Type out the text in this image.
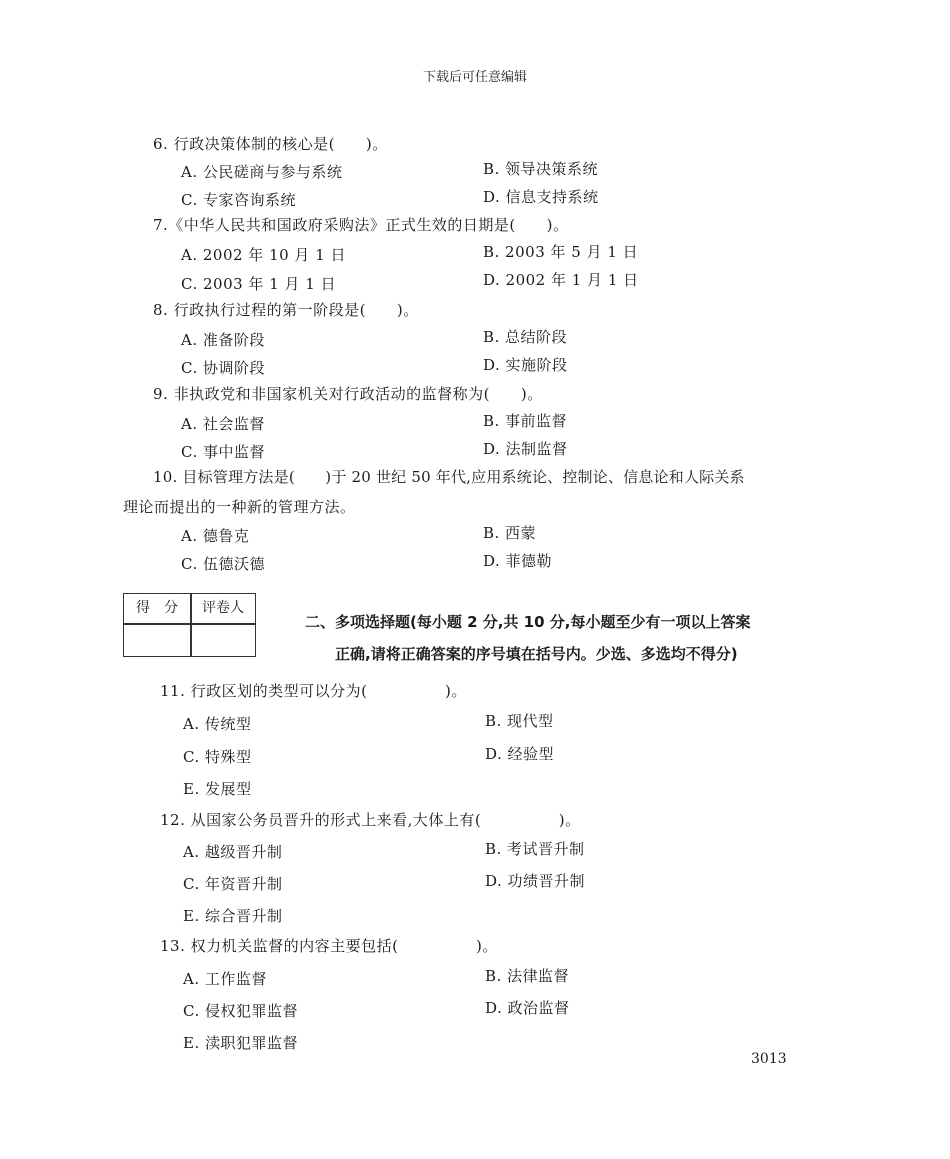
下载后可任意编辑
6. 行政决策体制的核心是(　　)。
A. 公民磋商与参与系统	B. 领导决策系统
C. 专家咨询系统	D. 信息支持系统
7.《中华人民共和国政府采购法》正式生效的日期是(　　)。
A. 2002 年 10 月 1 日	B. 2003 年 5 月 1 日
C. 2003 年 1 月 1 日	D. 2002 年 1 月 1 日
8. 行政执行过程的第一阶段是(　　)。
A. 准备阶段	B. 总结阶段
C. 协调阶段	D. 实施阶段
9. 非执政党和非国家机关对行政活动的监督称为(　　)。
A. 社会监督	B. 事前监督
C. 事中监督	D. 法制监督
10. 目标管理方法是(　　)于 20 世纪 50 年代,应用系统论、控制论、信息论和人际关系
理论而提出的一种新的管理方法。
A. 德鲁克	B. 西蒙
C. 伍德沃德	D. 菲德勒
得　分	评卷人
二、多项选择题(每小题 2 分,共 10 分,每小题至少有一项以上答案
正确,请将正确答案的序号填在括号内。少选、多选均不得分)
11. 行政区划的类型可以分为(　　　　　)。
A. 传统型	B. 现代型
C. 特殊型	D. 经验型
E. 发展型
12. 从国家公务员晋升的形式上来看,大体上有(　　　　　)。
A. 越级晋升制	B. 考试晋升制
C. 年资晋升制	D. 功绩晋升制
E. 综合晋升制
13. 权力机关监督的内容主要包括(　　　　　)。
A. 工作监督	B. 法律监督
C. 侵权犯罪监督	D. 政治监督
E. 渎职犯罪监督
3013
